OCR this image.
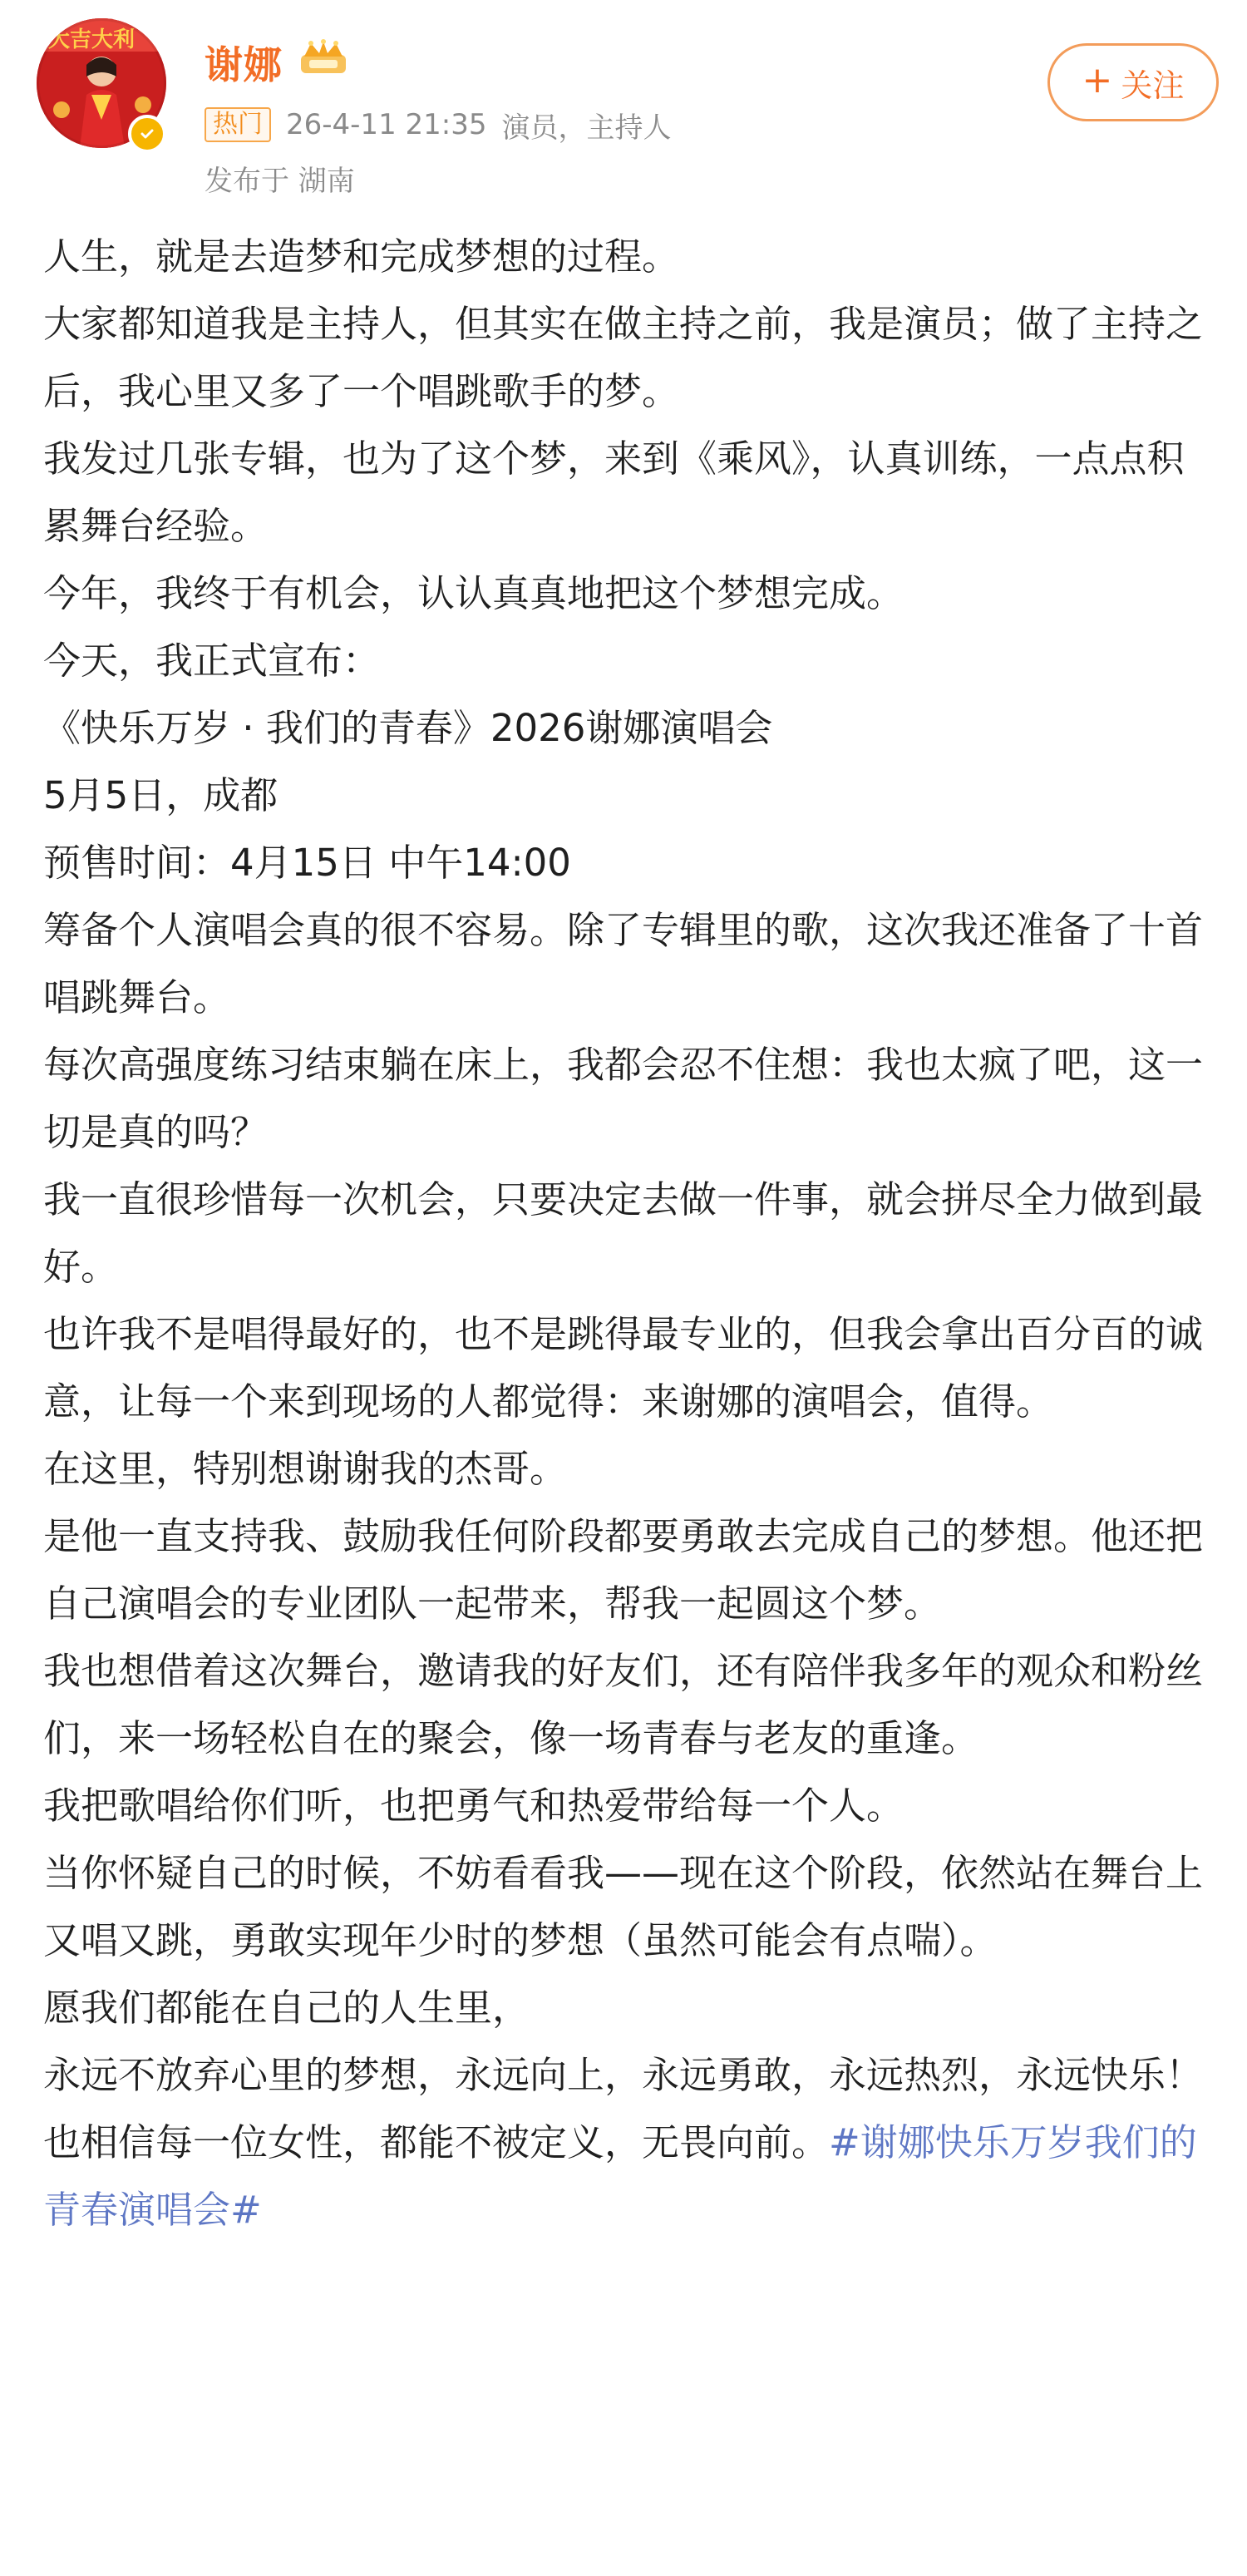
大吉大利
谢娜
热门 26-4-11 21:35 演员，主持人
发布于 湖南
+ 关注

人生，就是去造梦和完成梦想的过程。

大家都知道我是主持人，但其实在做主持之前，我是演员；做了主持之后，我心里又多了一个唱跳歌手的梦。

我发过几张专辑，也为了这个梦，来到《乘风》，认真训练，一点点积累舞台经验。

今年，我终于有机会，认认真真地把这个梦想完成。

今天，我正式宣布：

《快乐万岁 · 我们的青春》2026谢娜演唱会

5月5日，成都

预售时间：4月15日 中午14:00

筹备个人演唱会真的很不容易。除了专辑里的歌，这次我还准备了十首唱跳舞台。

每次高强度练习结束躺在床上，我都会忍不住想：我也太疯了吧，这一切是真的吗？

我一直很珍惜每一次机会，只要决定去做一件事，就会拼尽全力做到最好。

也许我不是唱得最好的，也不是跳得最专业的，但我会拿出百分百的诚意，让每一个来到现场的人都觉得：来谢娜的演唱会，值得。

在这里，特别想谢谢我的杰哥。

是他一直支持我、鼓励我任何阶段都要勇敢去完成自己的梦想。他还把自己演唱会的专业团队一起带来，帮我一起圆这个梦。

我也想借着这次舞台，邀请我的好友们，还有陪伴我多年的观众和粉丝们，来一场轻松自在的聚会，像一场青春与老友的重逢。

我把歌唱给你们听，也把勇气和热爱带给每一个人。

当你怀疑自己的时候，不妨看看我——现在这个阶段，依然站在舞台上又唱又跳，勇敢实现年少时的梦想（虽然可能会有点喘）。

愿我们都能在自己的人生里，

永远不放弃心里的梦想，永远向上，永远勇敢，永远热烈，永远快乐！

也相信每一位女性，都能不被定义，无畏向前。#谢娜快乐万岁我们的青春演唱会#
